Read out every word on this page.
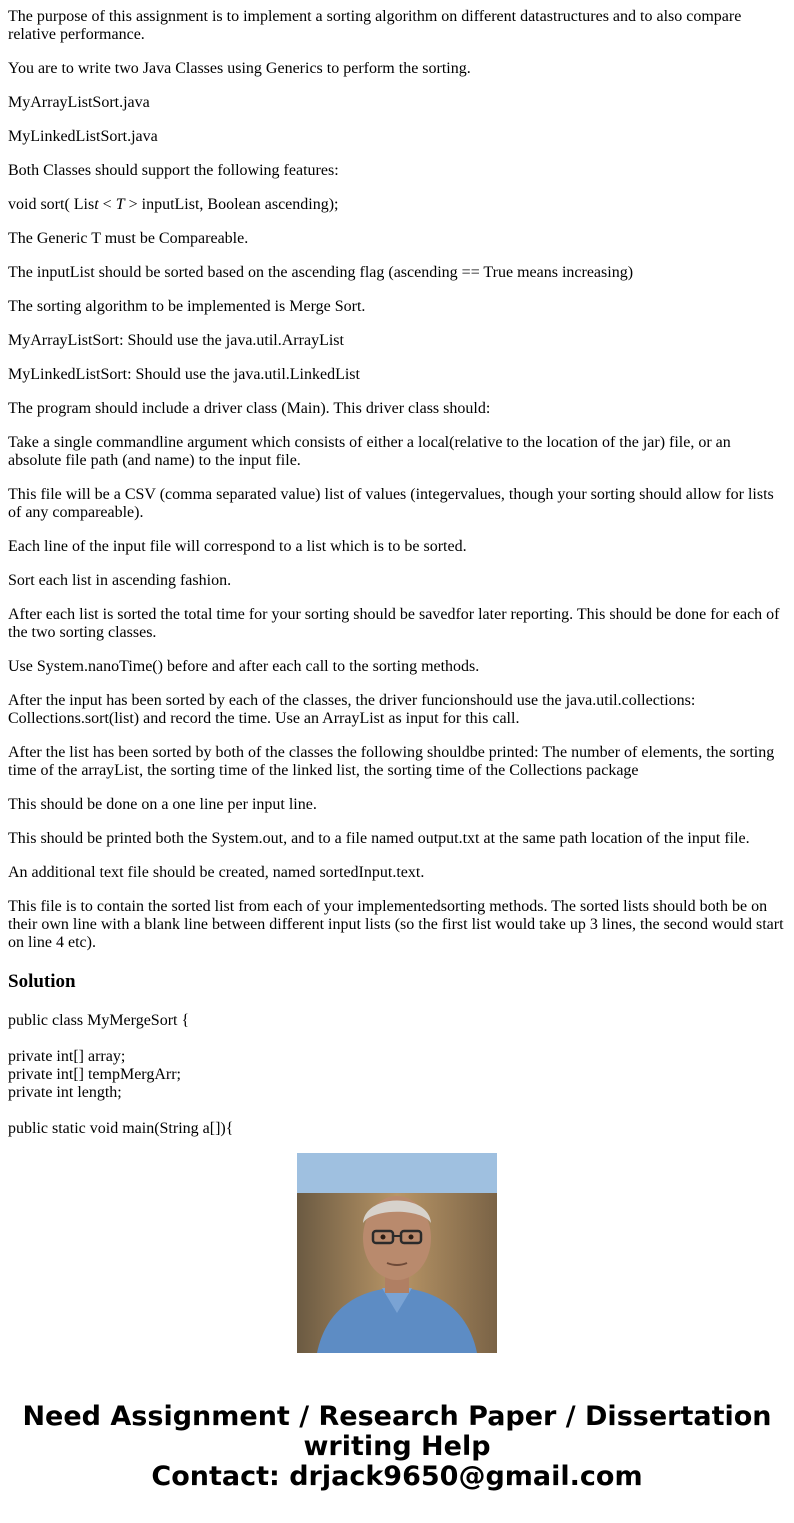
The purpose of this assignment is to implement a sorting algorithm on different datastructures and to also compare relative performance.

You are to write two Java Classes using Generics to perform the sorting.

MyArrayListSort.java

MyLinkedListSort.java

Both Classes should support the following features:

void sort( List < T > inputList, Boolean ascending);

The Generic T must be Compareable.

The inputList should be sorted based on the ascending flag (ascending == True means increasing)

The sorting algorithm to be implemented is Merge Sort.

MyArrayListSort: Should use the java.util.ArrayList

MyLinkedListSort: Should use the java.util.LinkedList

The program should include a driver class (Main). This driver class should:

Take a single commandline argument which consists of either a local(relative to the location of the jar) file, or an absolute file path (and name) to the input file.

This file will be a CSV (comma separated value) list of values (integervalues, though your sorting should allow for lists of any compareable).

Each line of the input file will correspond to a list which is to be sorted.

Sort each list in ascending fashion.

After each list is sorted the total time for your sorting should be savedfor later reporting. This should be done for each of the two sorting classes.

Use System.nanoTime() before and after each call to the sorting methods.

After the input has been sorted by each of the classes, the driver funcionshould use the java.util.collections: Collections.sort(list) and record the time. Use an ArrayList as input for this call.

After the list has been sorted by both of the classes the following shouldbe printed: The number of elements, the sorting time of the arrayList, the sorting time of the linked list, the sorting time of the Collections package

This should be done on a one line per input line.

This should be printed both the System.out, and to a file named output.txt at the same path location of the input file.

An additional text file should be created, named sortedInput.text.

This file is to contain the sorted list from each of your implementedsorting methods. The sorted lists should both be on their own line with a blank line between different input lists (so the first list would take up 3 lines, the second would start on line 4 etc).

Solution
public class MyMergeSort {
private int[] array;
private int[] tempMergArr;
private int length;
public static void main(String a[]){
Need Assignment / Research Paper / Dissertation
writing Help
Contact: drjack9650@gmail.com
